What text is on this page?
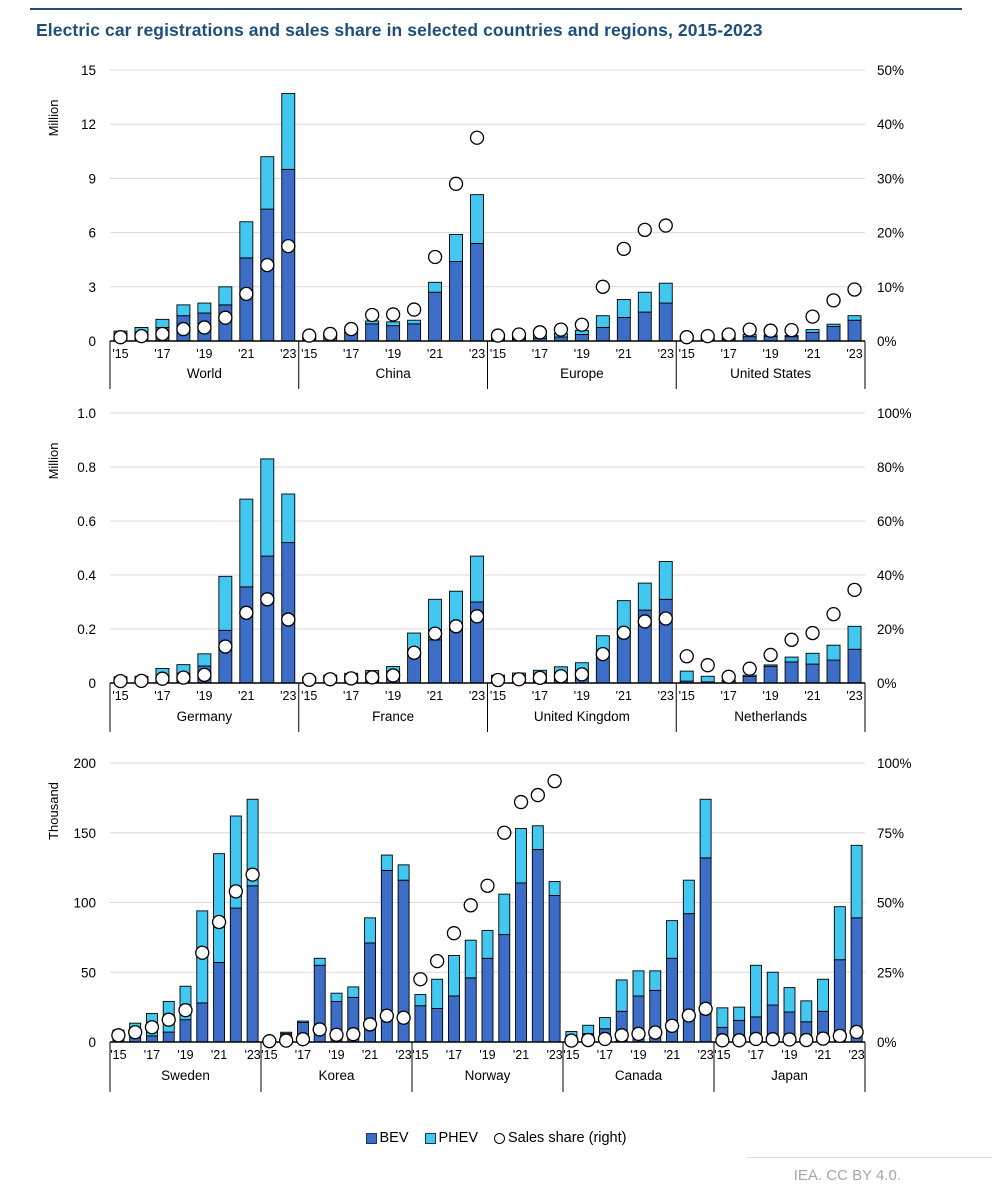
Electric car registrations and sales share in selected countries and regions, 2015-2023
0
3
6
9
12
15
0%
10%
20%
30%
40%
50%
Million
'15 '17 '19 '21 '23
World
'15 '17 '19 '21 '23
China
'15 '17 '19 '21 '23
Europe
'15 '17 '19 '21 '23
United States
0
0.2
0.4
0.6
0.8
1.0
0%
20%
40%
60%
80%
100%
Million
'15 '17 '19 '21 '23
Germany
'15 '17 '19 '21 '23
France
'15 '17 '19 '21 '23
United Kingdom
'15 '17 '19 '21 '23
Netherlands
0
50
100
150
200
0%
25%
50%
75%
100%
Thousand
'15 '17 '19 '21 '23
Sweden
'15 '17 '19 '21 '23
Korea
'15 '17 '19 '21 '23
Norway
'15 '17 '19 '21 '23
Canada
'15 '17 '19 '21 '23
Japan
BEV PHEV Sales share (right)
IEA. CC BY 4.0.
